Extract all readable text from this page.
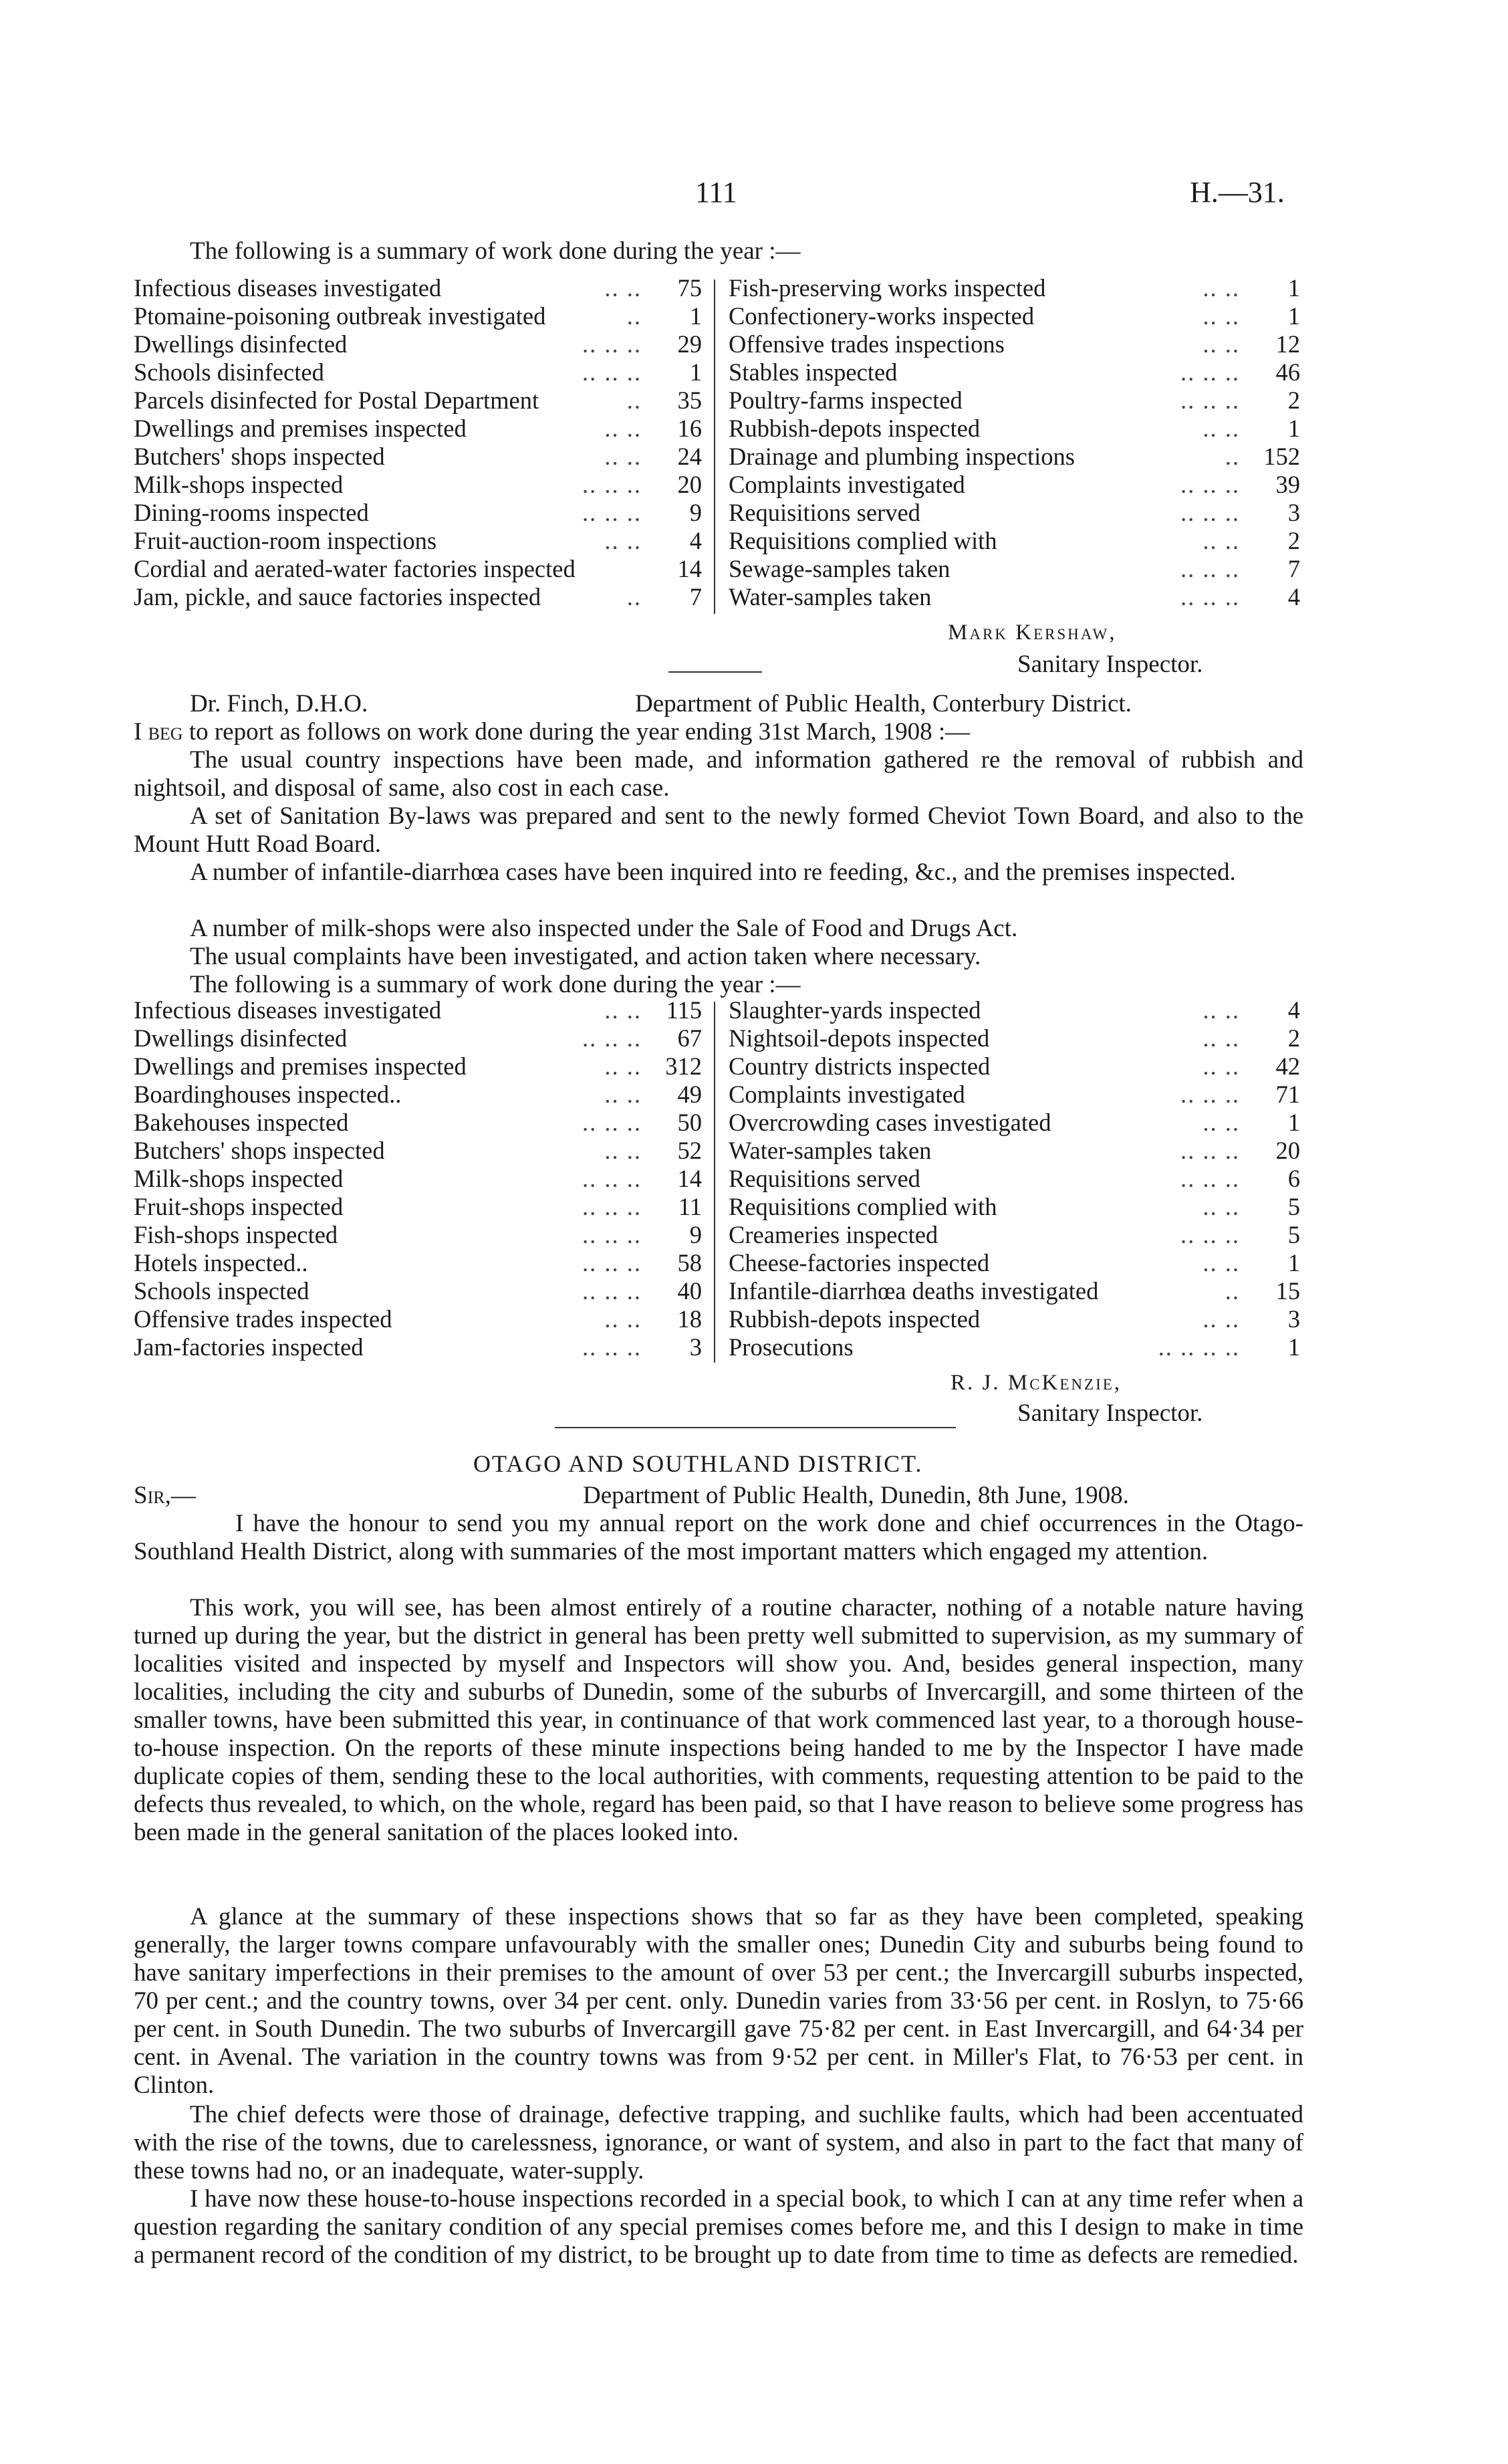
111	H.—31.
The following is a summary of work done during the year :—
Infectious diseases investigated	.. .. 75
Ptomaine-poisoning outbreak investigated	.. 1
Dwellings disinfected	.. .. .. 29
Schools disinfected	.. .. .. 1
Parcels disinfected for Postal Department	.. 35
Dwellings and premises inspected	.. .. 16
Butchers' shops inspected	.. .. 24
Milk-shops inspected	.. .. .. 20
Dining-rooms inspected	.. .. .. 9
Fruit-auction-room inspections	.. .. 4
Cordial and aerated-water factories inspected	14
Jam, pickle, and sauce factories inspected	.. 7
Fish-preserving works inspected	.. .. 1
Confectionery-works inspected	.. .. 1
Offensive trades inspections	.. .. 12
Stables inspected	.. .. .. 46
Poultry-farms inspected	.. .. .. 2
Rubbish-depots inspected	.. .. 1
Drainage and plumbing inspections	.. 152
Complaints investigated	.. .. .. 39
Requisitions served	.. .. .. 3
Requisitions complied with	.. .. 2
Sewage-samples taken	.. .. .. 7
Water-samples taken	.. .. .. 4
Mark Kershaw,
Sanitary Inspector.
Dr. Finch, D.H.O.	Department of Public Health, Conterbury District.
I beg to report as follows on work done during the year ending 31st March, 1908 :—
The usual country inspections have been made, and information gathered re the removal of rubbish and nightsoil, and disposal of same, also cost in each case.
A set of Sanitation By-laws was prepared and sent to the newly formed Cheviot Town Board, and also to the Mount Hutt Road Board.
A number of infantile-diarrhœa cases have been inquired into re feeding, &c., and the premises inspected.
A number of milk-shops were also inspected under the Sale of Food and Drugs Act.
The usual complaints have been investigated, and action taken where necessary.
The following is a summary of work done during the year :—
Infectious diseases investigated	.. .. 115
Dwellings disinfected	.. .. .. 67
Dwellings and premises inspected	.. .. 312
Boardinghouses inspected..	.. .. 49
Bakehouses inspected	.. .. .. 50
Butchers' shops inspected	.. .. 52
Milk-shops inspected	.. .. .. 14
Fruit-shops inspected	.. .. .. 11
Fish-shops inspected	.. .. .. 9
Hotels inspected..	.. .. .. 58
Schools inspected	.. .. .. 40
Offensive trades inspected	.. .. 18
Jam-factories inspected	.. .. .. 3
Slaughter-yards inspected	.. .. 4
Nightsoil-depots inspected	.. .. 2
Country districts inspected	.. .. 42
Complaints investigated	.. .. .. 71
Overcrowding cases investigated	.. .. 1
Water-samples taken	.. .. .. 20
Requisitions served	.. .. .. 6
Requisitions complied with	.. .. 5
Creameries inspected	.. .. .. 5
Cheese-factories inspected	.. .. 1
Infantile-diarrhœa deaths investigated	.. 15
Rubbish-depots inspected	.. .. 3
Prosecutions	.. .. .. .. 1
R. J. McKenzie,
Sanitary Inspector.
OTAGO AND SOUTHLAND DISTRICT.
Sir,—	Department of Public Health, Dunedin, 8th June, 1908.
I have the honour to send you my annual report on the work done and chief occurrences in the Otago-Southland Health District, along with summaries of the most important matters which engaged my attention.
This work, you will see, has been almost entirely of a routine character, nothing of a notable nature having turned up during the year, but the district in general has been pretty well submitted to supervision, as my summary of localities visited and inspected by myself and Inspectors will show you. And, besides general inspection, many localities, including the city and suburbs of Dunedin, some of the suburbs of Invercargill, and some thirteen of the smaller towns, have been submitted this year, in continuance of that work commenced last year, to a thorough house-to-house inspection. On the reports of these minute inspections being handed to me by the Inspector I have made duplicate copies of them, sending these to the local authorities, with comments, requesting attention to be paid to the defects thus revealed, to which, on the whole, regard has been paid, so that I have reason to believe some progress has been made in the general sanitation of the places looked into.
A glance at the summary of these inspections shows that so far as they have been completed, speaking generally, the larger towns compare unfavourably with the smaller ones; Dunedin City and suburbs being found to have sanitary imperfections in their premises to the amount of over 53 per cent.; the Invercargill suburbs inspected, 70 per cent.; and the country towns, over 34 per cent. only. Dunedin varies from 33·56 per cent. in Roslyn, to 75·66 per cent. in South Dunedin. The two suburbs of Invercargill gave 75·82 per cent. in East Invercargill, and 64·34 per cent. in Avenal. The variation in the country towns was from 9·52 per cent. in Miller's Flat, to 76·53 per cent. in Clinton.
The chief defects were those of drainage, defective trapping, and suchlike faults, which had been accentuated with the rise of the towns, due to carelessness, ignorance, or want of system, and also in part to the fact that many of these towns had no, or an inadequate, water-supply.
I have now these house-to-house inspections recorded in a special book, to which I can at any time refer when a question regarding the sanitary condition of any special premises comes before me, and this I design to make in time a permanent record of the condition of my district, to be brought up to date from time to time as defects are remedied.
